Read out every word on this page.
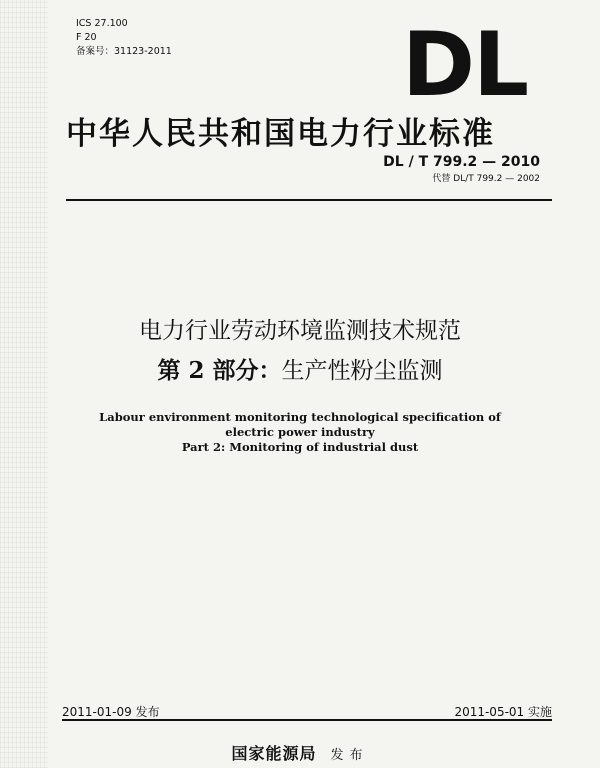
ICS 27.100
F 20
备案号：31123-2011	DL
中华人民共和国电力行业标准
DL / T 799.2 — 2010
代替 DL/T 799.2 — 2002
电力行业劳动环境监测技术规范
第 2 部分：生产性粉尘监测
Labour environment monitoring technological specification of
electric power industry
Part 2: Monitoring of industrial dust
2011-01-09 发布	2011-05-01 实施
国家能源局 发布
